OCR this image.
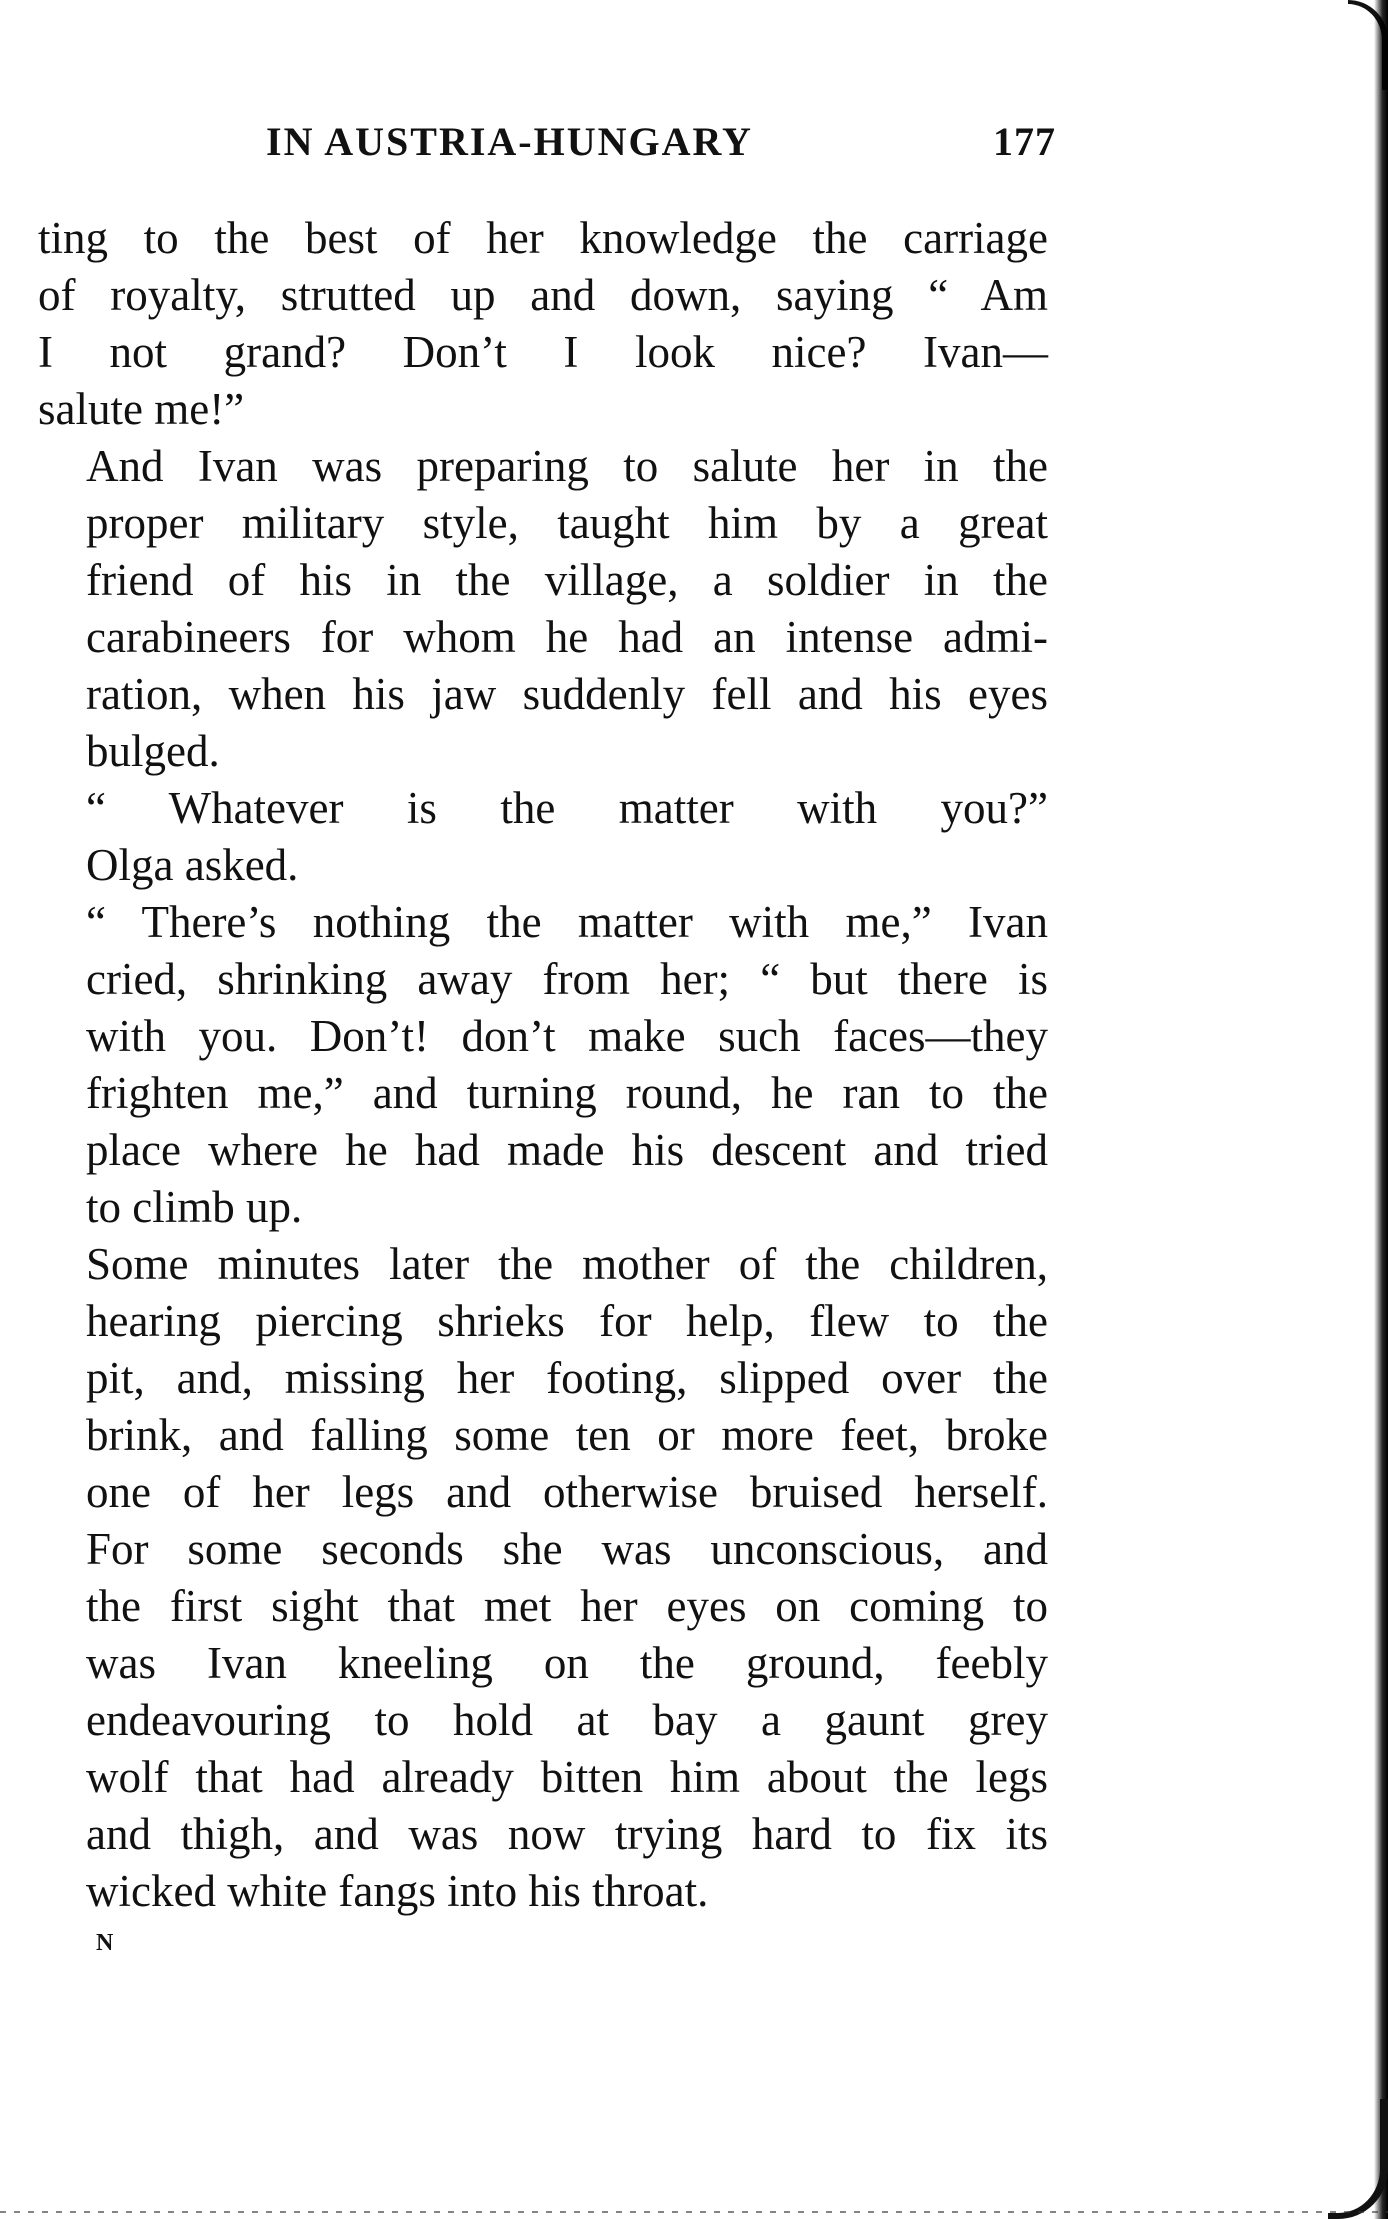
IN AUSTRIA-HUNGARY	177
ting to the best of her knowledge the carriage
of royalty, strutted up and down, saying “ Am
I not grand? Don’t I look nice? Ivan—
salute me!”
And Ivan was preparing to salute her in the
proper military style, taught him by a great
friend of his in the village, a soldier in the
carabineers for whom he had an intense admi-
ration, when his jaw suddenly fell and his eyes
bulged.
“ Whatever is the matter with you?”
Olga asked.
“ There’s nothing the matter with me,” Ivan
cried, shrinking away from her; “ but there is
with you. Don’t! don’t make such faces—they
frighten me,” and turning round, he ran to the
place where he had made his descent and tried
to climb up.
Some minutes later the mother of the children,
hearing piercing shrieks for help, flew to the
pit, and, missing her footing, slipped over the
brink, and falling some ten or more feet, broke
one of her legs and otherwise bruised herself.
For some seconds she was unconscious, and
the first sight that met her eyes on coming to
was Ivan kneeling on the ground, feebly
endeavouring to hold at bay a gaunt grey
wolf that had already bitten him about the legs
and thigh, and was now trying hard to fix its
wicked white fangs into his throat.
N
